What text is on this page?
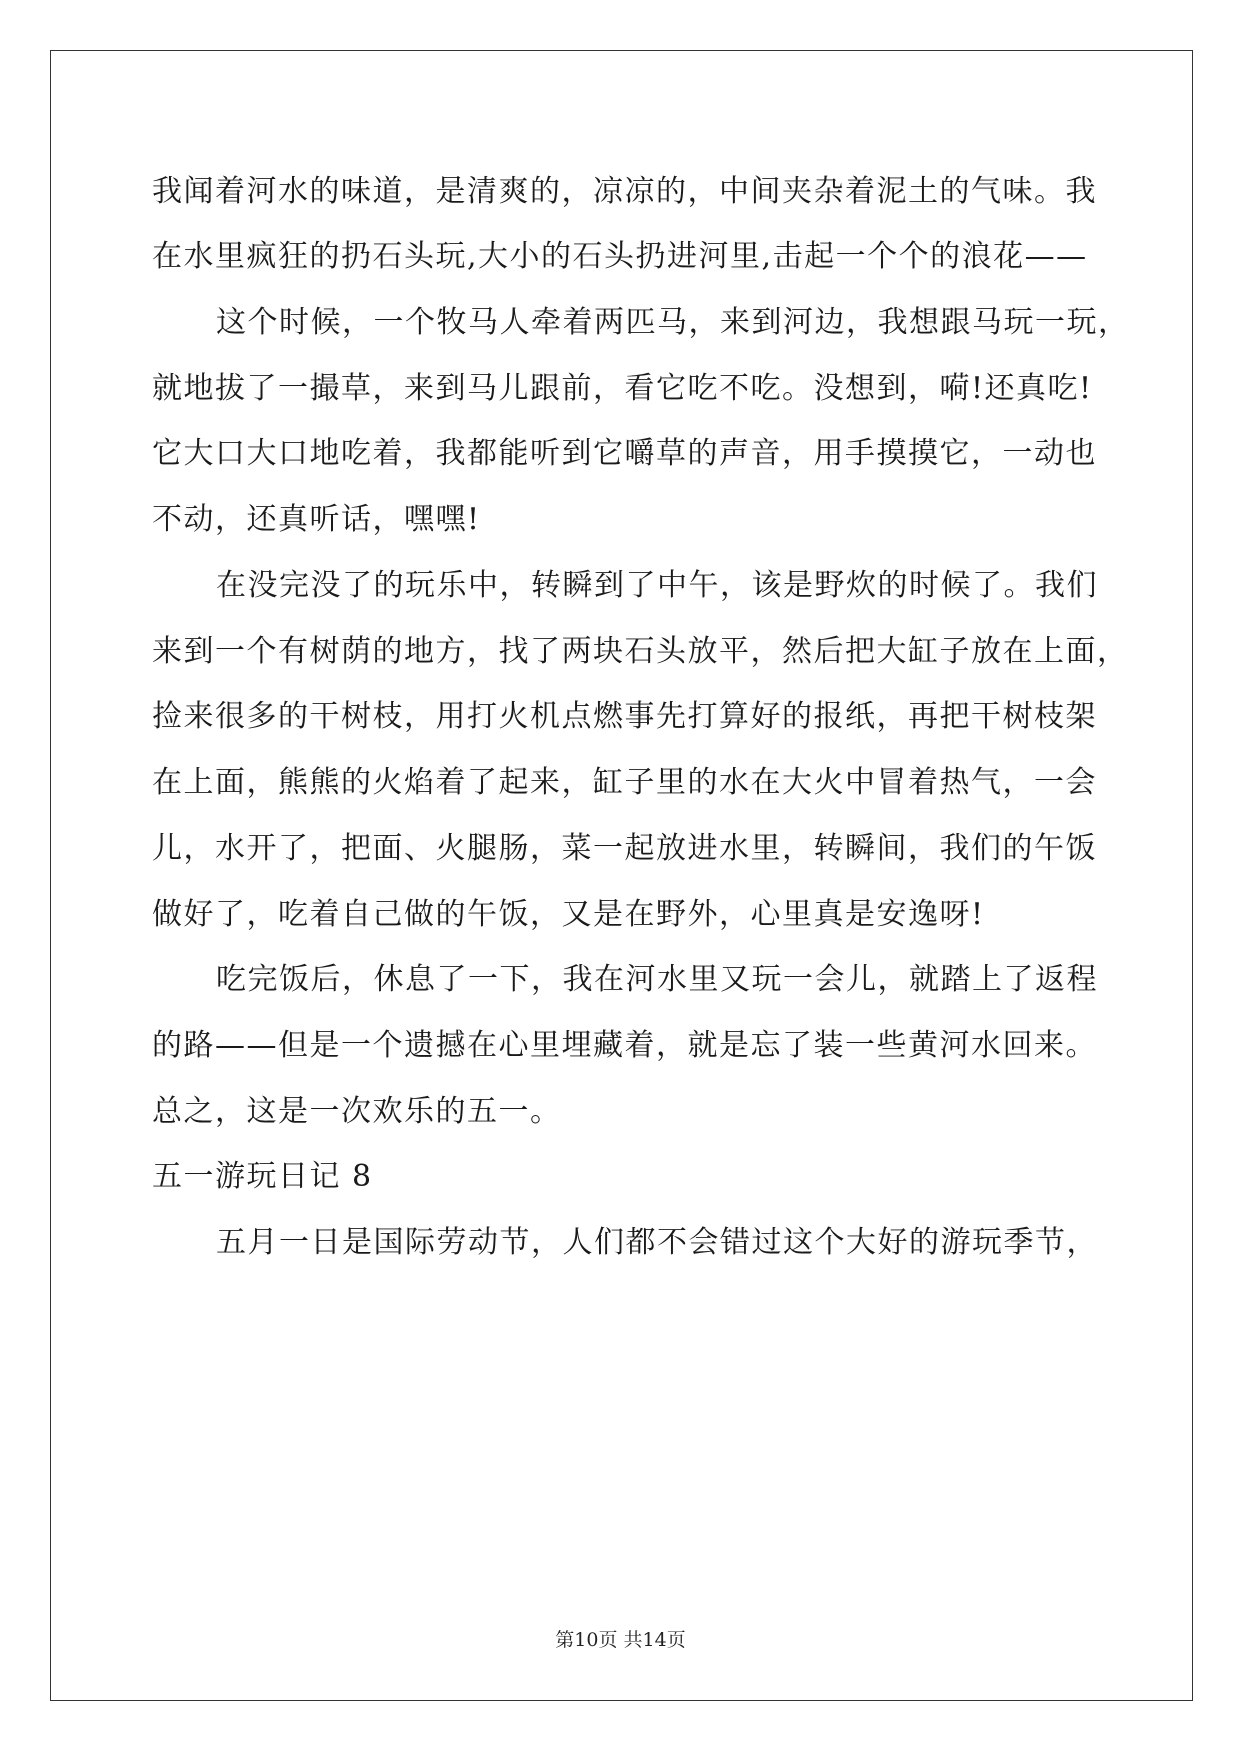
我闻着河水的味道，是清爽的，凉凉的，中间夹杂着泥土的气味。我
在水里疯狂的扔石头玩,大小的石头扔进河里,击起一个个的浪花——
这个时候，一个牧马人牵着两匹马，来到河边，我想跟马玩一玩，
就地拔了一撮草，来到马儿跟前，看它吃不吃。没想到，嗬!还真吃!
它大口大口地吃着，我都能听到它嚼草的声音，用手摸摸它，一动也
不动，还真听话，嘿嘿!
在没完没了的玩乐中，转瞬到了中午，该是野炊的时候了。我们
来到一个有树荫的地方，找了两块石头放平，然后把大缸子放在上面，
捡来很多的干树枝，用打火机点燃事先打算好的报纸，再把干树枝架
在上面，熊熊的火焰着了起来，缸子里的水在大火中冒着热气，一会
儿，水开了，把面、火腿肠，菜一起放进水里，转瞬间，我们的午饭
做好了，吃着自己做的午饭，又是在野外，心里真是安逸呀!
吃完饭后，休息了一下，我在河水里又玩一会儿，就踏上了返程
的路——但是一个遗撼在心里埋藏着，就是忘了装一些黄河水回来。
总之，这是一次欢乐的五一。
五一游玩日记 8
五月一日是国际劳动节，人们都不会错过这个大好的游玩季节，
第10页 共14页
